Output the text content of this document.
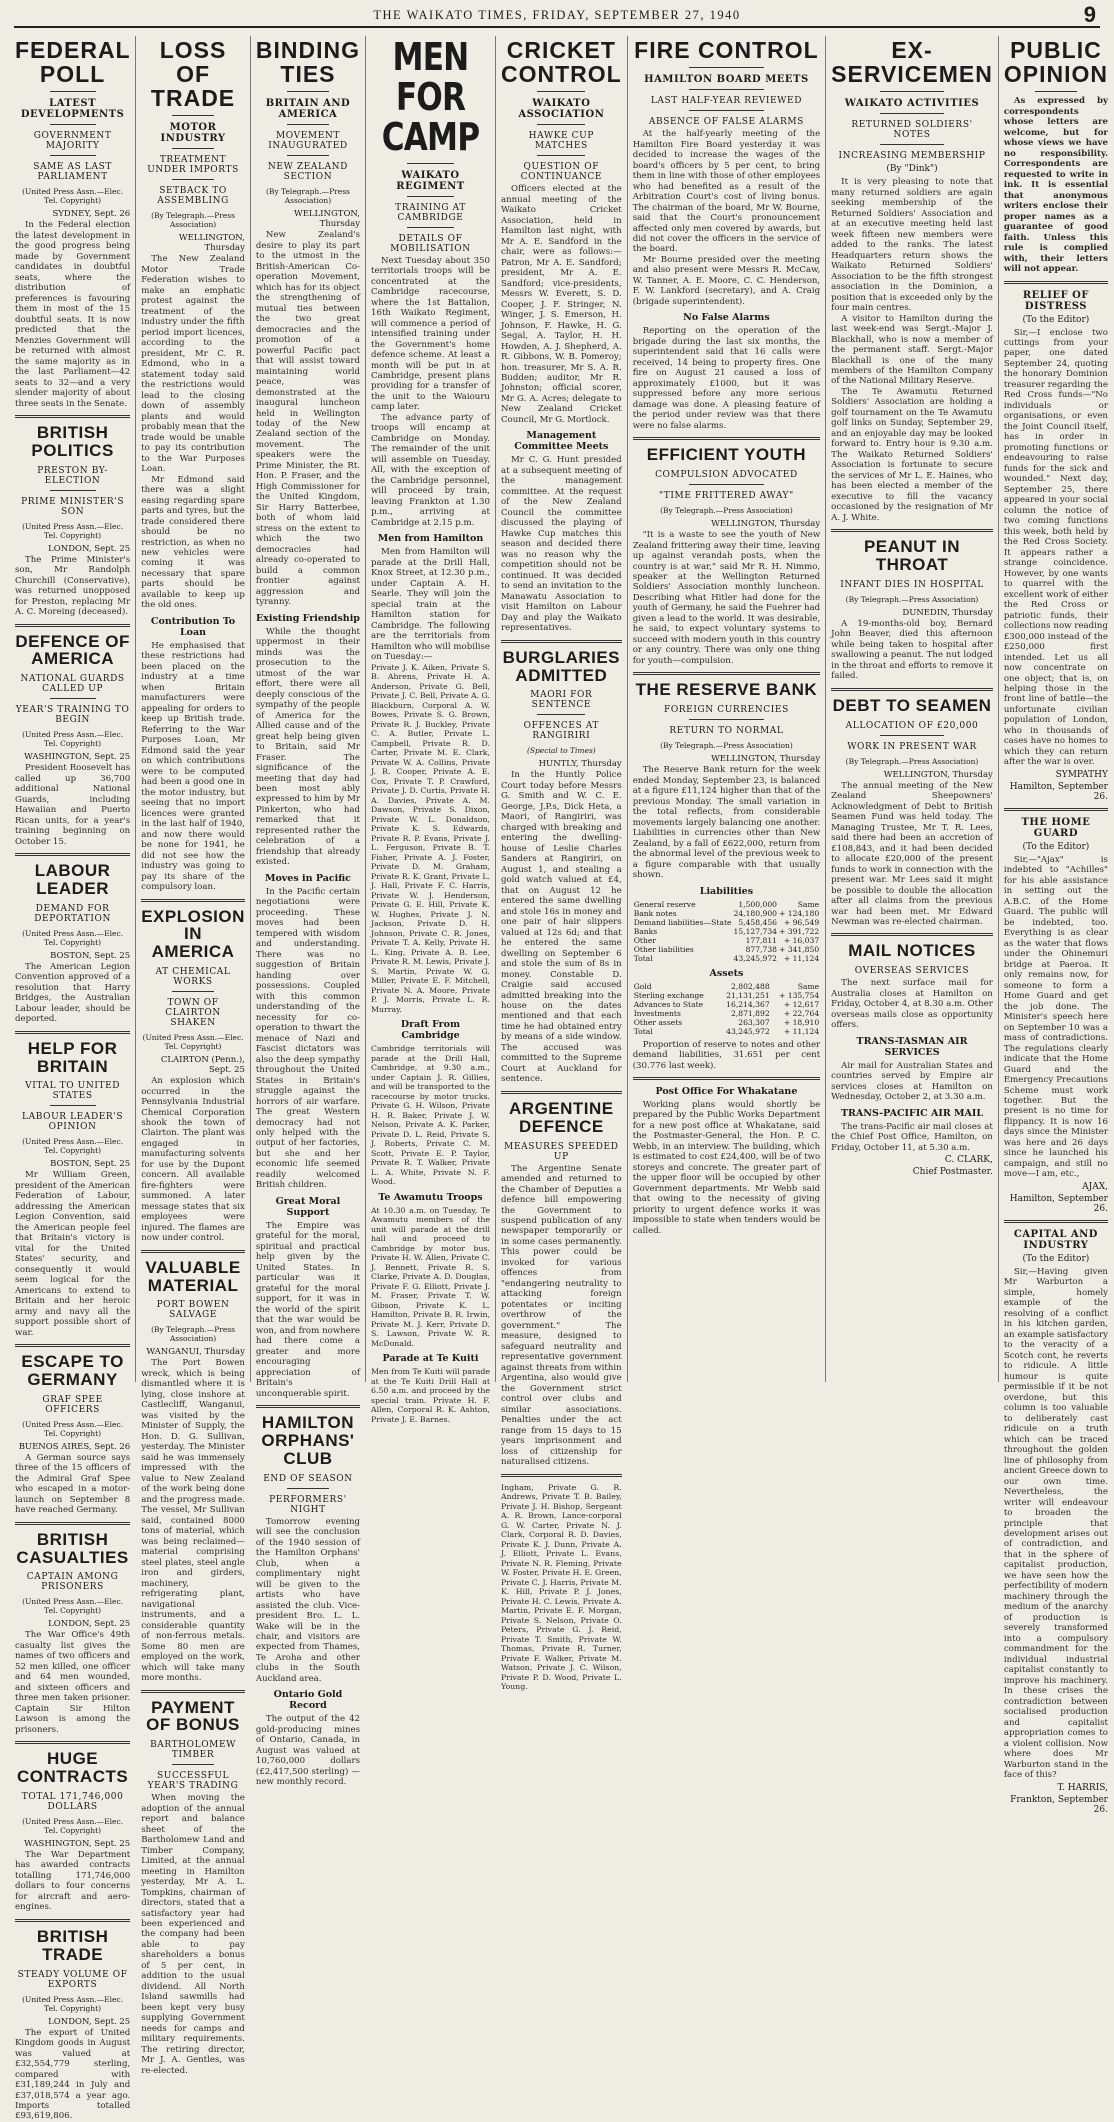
THE WAIKATO TIMES, FRIDAY, SEPTEMBER 27, 1940	9
FEDERAL POLL
LATEST DEVELOPMENTS
GOVERNMENT MAJORITY
SAME AS LAST PARLIAMENT
(United Press Assn.—Elec. Tel. Copyright)
SYDNEY, Sept. 26

In the Federal election the latest development in the good progress being made by Government candidates in doubtful seats, where the distribution of preferences is favouring them in most of the 15 doubtful seats. It is now predicted that the Menzies Government will be returned with almost the same majority as in the last Parliament—42 seats to 32—and a very slender majority of about three seats in the Senate.

BRITISH POLITICS
PRESTON BY-ELECTION
PRIME MINISTER'S SON
(United Press Assn.—Elec. Tel. Copyright)
LONDON, Sept. 25

The Prime Minister's son, Mr Randolph Churchill (Conservative), was returned unopposed for Preston, replacing Mr A. C. Moreing (deceased).

DEFENCE OF AMERICA
NATIONAL GUARDS CALLED UP
YEAR'S TRAINING TO BEGIN
(United Press Assn.—Elec. Tel. Copyright)
WASHINGTON, Sept. 25

President Roosevelt has called up 36,700 additional National Guards, including Hawaiian and Puerto Rican units, for a year's training beginning on October 15.

LABOUR LEADER
DEMAND FOR DEPORTATION
(United Press Assn.—Elec. Tel. Copyright)
BOSTON, Sept. 25

The American Legion Convention approved of a resolution that Harry Bridges, the Australian Labour leader, should be deported.

HELP FOR BRITAIN
VITAL TO UNITED STATES
LABOUR LEADER'S OPINION
(United Press Assn.—Elec. Tel. Copyright)
BOSTON, Sept. 25

Mr William Green, president of the American Federation of Labour, addressing the American Legion Convention, said the American people feel that Britain's victory is vital for the United States' security, and consequently it would seem logical for the Americans to extend to Britain and her heroic army and navy all the support possible short of war.

ESCAPE TO GERMANY
GRAF SPEE OFFICERS
(United Press Assn.—Elec. Tel. Copyright)
BUENOS AIRES, Sept. 26

A German source says three of the 15 officers of the Admiral Graf Spee who escaped in a motor-launch on September 8 have reached Germany.

BRITISH CASUALTIES
CAPTAIN AMONG PRISONERS
(United Press Assn.—Elec. Tel. Copyright)
LONDON, Sept. 25

The War Office's 49th casualty list gives the names of two officers and 52 men killed, one officer and 64 men wounded, and sixteen officers and three men taken prisoner. Captain Sir Hilton Lawson is among the prisoners.

HUGE CONTRACTS
TOTAL 171,746,000 DOLLARS
(United Press Assn.—Elec. Tel. Copyright)
WASHINGTON, Sept. 25

The War Department has awarded contracts totalling 171,746,000 dollars to four concerns for aircraft and aero-engines.

BRITISH TRADE
STEADY VOLUME OF EXPORTS
(United Press Assn.—Elec. Tel. Copyright)
LONDON, Sept. 25

The export of United Kingdom goods in August was valued at £32,554,779 sterling, compared with £31,189,244 in July and £37,018,574 a year ago. Imports totalled £93,619,806.

LOSS OF TRADE
MOTOR INDUSTRY
TREATMENT UNDER IMPORTS
SETBACK TO ASSEMBLING
(By Telegraph.—Press Association)
WELLINGTON, Thursday

The New Zealand Motor Trade Federation wishes to make an emphatic protest against the treatment of the industry under the fifth period import licences, according to the president, Mr C. R. Edmond, who in a statement today said the restrictions would lead to the closing down of assembly plants and would probably mean that the trade would be unable to pay its contribution to the War Purposes Loan.

Mr Edmond said there was a slight easing regarding spare parts and tyres, but the trade considered there should be no restriction, as when no new vehicles were coming it was necessary that spare parts should be available to keep up the old ones.

Contribution To Loan

He emphasised that these restrictions had been placed on the industry at a time when Britain manufacturers were appealing for orders to keep up British trade. Referring to the War Purposes Loan, Mr Edmond said the year on which contributions were to be computed had been a good one in the motor industry, but seeing that no import licences were granted in the last half of 1940, and now there would be none for 1941, he did not see how the industry was going to pay its share of the compulsory loan.

EXPLOSION IN AMERICA
AT CHEMICAL WORKS
TOWN OF CLAIRTON SHAKEN
(United Press Assn.—Elec. Tel. Copyright)
CLAIRTON (Penn.), Sept. 25

An explosion which occurred in the Pennsylvania Industrial Chemical Corporation shook the town of Clairton. The plant was engaged in manufacturing solvents for use by the Dupont concern. All available fire-fighters were summoned. A later message states that six employees were injured. The flames are now under control.

VALUABLE MATERIAL
PORT BOWEN SALVAGE
(By Telegraph.—Press Association)
WANGANUI, Thursday

The Port Bowen wreck, which is being dismantled where it is lying, close inshore at Castlecliff, Wanganui, was visited by the Minister of Supply, the Hon. D. G. Sullivan, yesterday. The Minister said he was immensely impressed with the value to New Zealand of the work being done and the progress made. The vessel, Mr Sullivan said, contained 8000 tons of material, which was being reclaimed—material comprising steel plates, steel angle iron and girders, machinery, refrigerating plant, navigational instruments, and a considerable quantity of non-ferrous metals. Some 80 men are employed on the work, which will take many more months.

PAYMENT OF BONUS
BARTHOLOMEW TIMBER
SUCCESSFUL YEAR'S TRADING

When moving the adoption of the annual report and balance sheet of the Bartholomew Land and Timber Company, Limited, at the annual meeting in Hamilton yesterday, Mr A. L. Tompkins, chairman of directors, stated that a satisfactory year had been experienced and the company had been able to pay shareholders a bonus of 5 per cent, in addition to the usual dividend. All North Island sawmills had been kept very busy supplying Government needs for camps and military requirements. The retiring director, Mr J. A. Gentles, was re-elected.

BINDING TIES
BRITAIN AND AMERICA
MOVEMENT INAUGURATED
NEW ZEALAND SECTION
(By Telegraph.—Press Association)
WELLINGTON, Thursday

New Zealand's desire to play its part to the utmost in the British-American Co-operation Movement, which has for its object the strengthening of mutual ties between the two great democracies and the promotion of a powerful Pacific pact that will assist toward maintaining world peace, was demonstrated at the inaugural luncheon held in Wellington today of the New Zealand section of the movement. The speakers were the Prime Minister, the Rt. Hon. P. Fraser, and the High Commissioner for the United Kingdom, Sir Harry Batterbee, both of whom laid stress on the extent to which the two democracies had already co-operated to build a common frontier against aggression and tyranny.

Existing Friendship

While the thought uppermost in their minds was the prosecution to the utmost of the war effort, there were all deeply conscious of the sympathy of the people of America for the Allied cause and of the great help being given to Britain, said Mr Fraser. The significance of the meeting that day had been most ably expressed to him by Mr Pinkerton, who had remarked that it represented rather the celebration of a friendship that already existed.

Moves in Pacific

In the Pacific certain negotiations were proceeding. These moves had been tempered with wisdom and understanding. There was no suggestion of Britain handing over possessions. Coupled with this common understanding of the necessity for co-operation to thwart the menace of Nazi and Fascist dictators was also the deep sympathy throughout the United States in Britain's struggle against the horrors of air warfare. The great Western democracy had not only helped with the output of her factories, but she and her economic life seemed readily welcomed British children.

Great Moral Support

The Empire was grateful for the moral, spiritual and practical help given by the United States. In particular was it grateful for the moral support, for it was in the world of the spirit that the war would be won, and from nowhere had there come a greater and more encouraging appreciation of Britain's unconquerable spirit.

HAMILTON ORPHANS' CLUB
END OF SEASON
PERFORMERS' NIGHT

Tomorrow evening will see the conclusion of the 1940 session of the Hamilton Orphans' Club, when a complimentary night will be given to the artists who have assisted the club. Vice-president Bro. L. L. Wake will be in the chair, and visitors are expected from Thames, Te Aroha and other clubs in the South Auckland area.

Ontario Gold Record

The output of the 42 gold-producing mines of Ontario, Canada, in August was valued at 10,760,000 dollars (£2,417,500 sterling) — new monthly record.

MEN FOR CAMP
WAIKATO REGIMENT
TRAINING AT CAMBRIDGE
DETAILS OF MOBILISATION

Next Tuesday about 350 territorials troops will be concentrated at the Cambridge racecourse, where the 1st Battalion, 16th Waikato Regiment, will commence a period of intensified training under the Government's home defence scheme. At least a month will be put in at Cambridge, present plans providing for a transfer of the unit to the Waiouru camp later.

The advance party of troops will encamp at Cambridge on Monday. The remainder of the unit will assemble on Tuesday. All, with the exception of the Cambridge personnel, will proceed by train, leaving Frankton at 1.30 p.m., arriving at Cambridge at 2.15 p.m.

Men from Hamilton

Men from Hamilton will parade at the Drill Hall, Knox Street, at 12.30 p.m., under Captain A. H. Searle. They will join the special train at the Hamilton station for Cambridge. The following are the territorials from Hamilton who will mobilise on Tuesday:—

Private J. K. Aiken, Private S. B. Ahrens, Private H. A. Anderson, Private G. Bell, Private J. C. Bell, Private A. G. Blackburn, Corporal A. W. Bowes, Private S. G. Brown, Private R. J. Buckley, Private C. A. Butler, Private L. Campbell, Private R. D. Carter, Private M. E. Clark, Private W. A. Collins, Private J. R. Cooper, Private A. E. Cox, Private T. P. Crawford, Private J. D. Curtis, Private H. A. Davies, Private A. M. Dawson, Private S. Dixon, Private W. L. Donaldson, Private K. S. Edwards, Private R. P. Evans, Private J. L. Ferguson, Private B. T. Fisher, Private A. J. Foster, Private D. M. Graham, Private R. K. Grant, Private L. J. Hall, Private F. C. Harris, Private W. J. Henderson, Private G. E. Hill, Private K. W. Hughes, Private J. N. Jackson, Private D. H. Johnson, Private C. R. Jones, Private T. A. Kelly, Private H. L. King, Private A. B. Lee, Private R. M. Lewis, Private J. S. Martin, Private W. G. Miller, Private E. F. Mitchell, Private N. A. Moore, Private P. J. Morris, Private L. R. Murray.

Draft From Cambridge

Cambridge territorials will parade at the Drill Hall, Cambridge, at 9.30 a.m., under Captain J. R. Gillies, and will be transported to the racecourse by motor trucks. Private G. H. Wilson, Private H. R. Baker, Private J. W. Nelson, Private A. K. Parker, Private D. L. Reid, Private S. J. Roberts, Private C. M. Scott, Private E. P. Taylor, Private R. T. Walker, Private L. A. White, Private N. F. Wood.

Te Awamutu Troops

At 10.30 a.m. on Tuesday, Te Awamutu members of the unit will parade at the drill hall and proceed to Cambridge by motor bus. Private H. W. Allen, Private C. J. Bennett, Private R. S. Clarke, Private A. D. Douglas, Private F. G. Elliott, Private J. M. Fraser, Private T. W. Gibson, Private K. L. Hamilton, Private B. R. Irwin, Private M. J. Kerr, Private D. S. Lawson, Private W. R. McDonald.

Parade at Te Kuiti

Men from Te Kuiti will parade at the Te Kuiti Drill Hall at 6.50 a.m. and proceed by the special train. Private H. F. Allen, Corporal R. K. Ashton, Private J. E. Barnes.

CRICKET CONTROL
WAIKATO ASSOCIATION
HAWKE CUP MATCHES
QUESTION OF CONTINUANCE

Officers elected at the annual meeting of the Waikato Cricket Association, held in Hamilton last night, with Mr A. E. Sandford in the chair, were as follows:—Patron, Mr A. E. Sandford; president, Mr A. E. Sandford; vice-presidents, Messrs W. Everett, S. D. Cooper, J. F. Stringer, N. Winger, J. S. Emerson, H. Johnson, F. Hawke, H. G. Segal, A. Taylor, H. H. Howden, A. J. Shepherd, A. R. Gibbons, W. B. Pomeroy; hon. treasurer, Mr S. A. R. Budden; auditor, Mr R. Johnston; official scorer, Mr G. A. Acres; delegate to New Zealand Cricket Council, Mr G. Mortlock.

Management Committee Meets

Mr C. G. Hunt presided at a subsequent meeting of the management committee. At the request of the New Zealand Council the committee discussed the playing of Hawke Cup matches this season and decided there was no reason why the competition should not be continued. It was decided to send an invitation to the Manawatu Association to visit Hamilton on Labour Day and play the Waikato representatives.

BURGLARIES ADMITTED
MAORI FOR SENTENCE
OFFENCES AT RANGIRIRI
(Special to Times)
HUNTLY, Thursday

In the Huntly Police Court today before Messrs G. Smith and W. C. E. George, J.P.s, Dick Heta, a Maori, of Rangiriri, was charged with breaking and entering the dwelling-house of Leslie Charles Sanders at Rangiriri, on August 1, and stealing a gold watch valued at £4, that on August 12 he entered the same dwelling and stole 16s in money and one pair of hair slippers valued at 12s 6d; and that he entered the same dwelling on September 6 and stole the sum of 8s in money. Constable D. Craigie said accused admitted breaking into the house on the dates mentioned and that each time he had obtained entry by means of a side window. The accused was committed to the Supreme Court at Auckland for sentence.

ARGENTINE DEFENCE
MEASURES SPEEDED UP

The Argentine Senate amended and returned to the Chamber of Deputies a defence bill empowering the Government to suspend publication of any newspaper temporarily or in some cases permanently. This power could be invoked for various offences from "endangering neutrality to attacking foreign potentates or inciting overthrow of the government." The measure, designed to safeguard neutrality and representative government against threats from within Argentina, also would give the Government strict control over clubs and similar associations. Penalties under the act range from 15 days to 15 years imprisonment and loss of citizenship for naturalised citizens.

Ingham, Private G. R. Andrews, Private T. B. Bailey, Private J. H. Bishop, Sergeant A. R. Brown, Lance-corporal G. W. Carter, Private N. J. Clark, Corporal R. D. Davies, Private K. J. Dunn, Private A. J. Elliott, Private L. Evans, Private N. R. Fleming, Private W. Foster, Private H. E. Green, Private C. J. Harris, Private M. K. Hill, Private P. J. Jones, Private H. C. Lewis, Private A. Martin, Private E. F. Morgan, Private S. Nelson, Private O. Peters, Private G. J. Reid, Private T. Smith, Private W. Thomas, Private R. Turner, Private F. Walker, Private M. Watson, Private J. C. Wilson, Private P. D. Wood, Private L. Young.

FIRE CONTROL
HAMILTON BOARD MEETS
LAST HALF-YEAR REVIEWED
ABSENCE OF FALSE ALARMS

At the half-yearly meeting of the Hamilton Fire Board yesterday it was decided to increase the wages of the board's officers by 5 per cent, to bring them in line with those of other employees who had benefited as a result of the Arbitration Court's cost of living bonus. The chairman of the board, Mr W. Bourne, said that the Court's pronouncement affected only men covered by awards, but did not cover the officers in the service of the board.

Mr Bourne presided over the meeting and also present were Messrs R. McCaw, W. Tanner, A. E. Moore, C. C. Henderson, F. W. Lankford (secretary), and A. Craig (brigade superintendent).

No False Alarms

Reporting on the operation of the brigade during the last six months, the superintendent said that 16 calls were received, 14 being to property fires. One fire on August 21 caused a loss of approximately £1000, but it was suppressed before any more serious damage was done. A pleasing feature of the period under review was that there were no false alarms.

EFFICIENT YOUTH
COMPULSION ADVOCATED
"TIME FRITTERED AWAY"
(By Telegraph.—Press Association)
WELLINGTON, Thursday

"It is a waste to see the youth of New Zealand frittering away their time, leaving up against verandah posts, when the country is at war," said Mr R. H. Nimmo, speaker at the Wellington Returned Soldiers' Association monthly luncheon. Describing what Hitler had done for the youth of Germany, he said the Fuehrer had given a lead to the world. It was desirable, he said, to expect voluntary systems to succeed with modern youth in this country or any country. There was only one thing for youth—compulsion.

THE RESERVE BANK
FOREIGN CURRENCIES
RETURN TO NORMAL
(By Telegraph.—Press Association)
WELLINGTON, Thursday

The Reserve Bank return for the week ended Monday, September 23, is balanced at a figure £11,124 higher than that of the previous Monday. The small variation in the total reflects, from considerable movements largely balancing one another. Liabilities in currencies other than New Zealand, by a fall of £622,000, return from the abnormal level of the previous week to a figure comparable with that usually shown.

Liabilities
General reserve	1,500,000	Same
Bank notes	24,180,900	+ 124,180
Demand liabilities—State	5,458,456	+ 96,549
Banks	15,127,734	+ 391,722
Other	177,811	+ 16,037
Other liabilities	877,738	+ 341,850
Total	43,245,972	+ 11,124
Assets
Gold	2,802,488	Same
Sterling exchange	21,131,251	+ 135,754
Advances to State	16,214,367	+ 12,617
Investments	2,871,892	+ 22,764
Other assets	263,307	+ 18,910
Total	43,245,972	+ 11,124

Proportion of reserve to notes and other demand liabilities, 31.651 per cent (30.776 last week).

Post Office For Whakatane

Working plans would shortly be prepared by the Public Works Department for a new post office at Whakatane, said the Postmaster-General, the Hon. P. C. Webb, in an interview. The building, which is estimated to cost £24,400, will be of two storeys and concrete. The greater part of the upper floor will be occupied by other Government departments. Mr Webb said that owing to the necessity of giving priority to urgent defence works it was impossible to state when tenders would be called.

EX-SERVICEMEN
WAIKATO ACTIVITIES
RETURNED SOLDIERS' NOTES
INCREASING MEMBERSHIP
(By "Dink")

It is very pleasing to note that many returned soldiers are again seeking membership of the Returned Soldiers' Association and at an executive meeting held last week fifteen new members were added to the ranks. The latest Headquarters return shows the Waikato Returned Soldiers' Association to be the fifth strongest association in the Dominion, a position that is exceeded only by the four main centres.

A visitor to Hamilton during the last week-end was Sergt.-Major J. Blackhall, who is now a member of the permanent staff. Sergt.-Major Blackhall is one of the many members of the Hamilton Company of the National Military Reserve.

The Te Awamutu Returned Soldiers' Association are holding a golf tournament on the Te Awamutu golf links on Sunday, September 29, and an enjoyable day may be looked forward to. Entry hour is 9.30 a.m. The Waikato Returned Soldiers' Association is fortunate to secure the services of Mr L. E. Haines, who has been elected a member of the executive to fill the vacancy occasioned by the resignation of Mr A. J. White.

PEANUT IN THROAT
INFANT DIES IN HOSPITAL
(By Telegraph.—Press Association)
DUNEDIN, Thursday

A 19-months-old boy, Bernard John Beaver, died this afternoon while being taken to hospital after swallowing a peanut. The nut lodged in the throat and efforts to remove it failed.

DEBT TO SEAMEN
ALLOCATION OF £20,000
WORK IN PRESENT WAR
(By Telegraph.—Press Association)
WELLINGTON, Thursday

The annual meeting of the New Zealand Sheepowners' Acknowledgment of Debt to British Seamen Fund was held today. The Managing Trustee, Mr T. R. Lees, said there had been an accretion of £108,843, and it had been decided to allocate £20,000 of the present funds to work in connection with the present war. Mr Lees said it might be possible to double the allocation after all claims from the previous war had been met. Mr Edward Newman was re-elected chairman.

MAIL NOTICES
OVERSEAS SERVICES

The next surface mail for Australia closes at Hamilton on Friday, October 4, at 8.30 a.m. Other overseas mails close as opportunity offers.

TRANS-TASMAN AIR SERVICES

Air mail for Australian States and countries served by Empire air services closes at Hamilton on Wednesday, October 2, at 3.30 a.m.

TRANS-PACIFIC AIR MAIL

The trans-Pacific air mail closes at the Chief Post Office, Hamilton, on Friday, October 11, at 5.30 a.m.

C. CLARK,
Chief Postmaster.
PUBLIC OPINION

As expressed by correspondents whose letters are welcome, but for whose views we have no responsibility. Correspondents are requested to write in ink. It is essential that anonymous writers enclose their proper names as a guarantee of good faith. Unless this rule is complied with, their letters will not appear.

RELIEF OF DISTRESS
(To the Editor)

Sir,—I enclose two cuttings from your paper, one dated September 24, quoting the honorary Dominion treasurer regarding the Red Cross funds—"No individuals or organisations, or even the Joint Council itself, has in order in promoting functions or endeavouring to raise funds for the sick and wounded." Next day, September 25, there appeared in your social column the notice of two coming functions this week, both held by the Red Cross Society. It appears rather a strange coincidence. However, by one wants to quarrel with the excellent work of either the Red Cross or patriotic funds, their collections now reading £300,000 instead of the £250,000 first intended. Let us all now concentrate on one object; that is, on helping those in the front line of battle—the unfortunate civilian population of London, who in thousands of cases have no homes to which they can return after the war is over.

SYMPATHY
Hamilton, September 26.
THE HOME GUARD
(To the Editor)

Sir,—"Ajax" is indebted to "Achilles" for his able assistance in setting out the A.B.C. of the Home Guard. The public will be indebted, too. Everything is as clear as the water that flows under the Ohinemuri bridge at Paeroa. It only remains now, for someone to form a Home Guard and get the job done. The Minister's speech here on September 10 was a mass of contradictions. The regulations clearly indicate that the Home Guard and the Emergency Precautions Scheme must work together. But the present is no time for flippancy. It is now 16 days since the Minister was here and 26 days since he launched his campaign, and still no move—I am, etc.,

AJAX,
Hamilton, September 26.
CAPITAL AND INDUSTRY
(To the Editor)

Sir,—Having given Mr Warburton a simple, homely example of the resolving of a conflict in his kitchen garden, an example satisfactory to the veracity of a Scotch cont, he reverts to ridicule. A little humour is quite permissible if it be not overdone, but this column is too valuable to deliberately cast ridicule on a truth which can be traced throughout the golden line of philosophy from ancient Greece down to our own time. Nevertheless, the writer will endeavour to broaden the principle that development arises out of contradiction, and that in the sphere of capitalist production, we have seen how the perfectibility of modern machinery through the medium of the anarchy of production is severely transformed into a compulsory commandment for the individual industrial capitalist constantly to improve his machinery. In these crises the contradiction between socialised production and capitalist appropriation comes to a violent collision. Now where does Mr Warburton stand in the face of this?

T. HARRIS,
Frankton, September 26.
